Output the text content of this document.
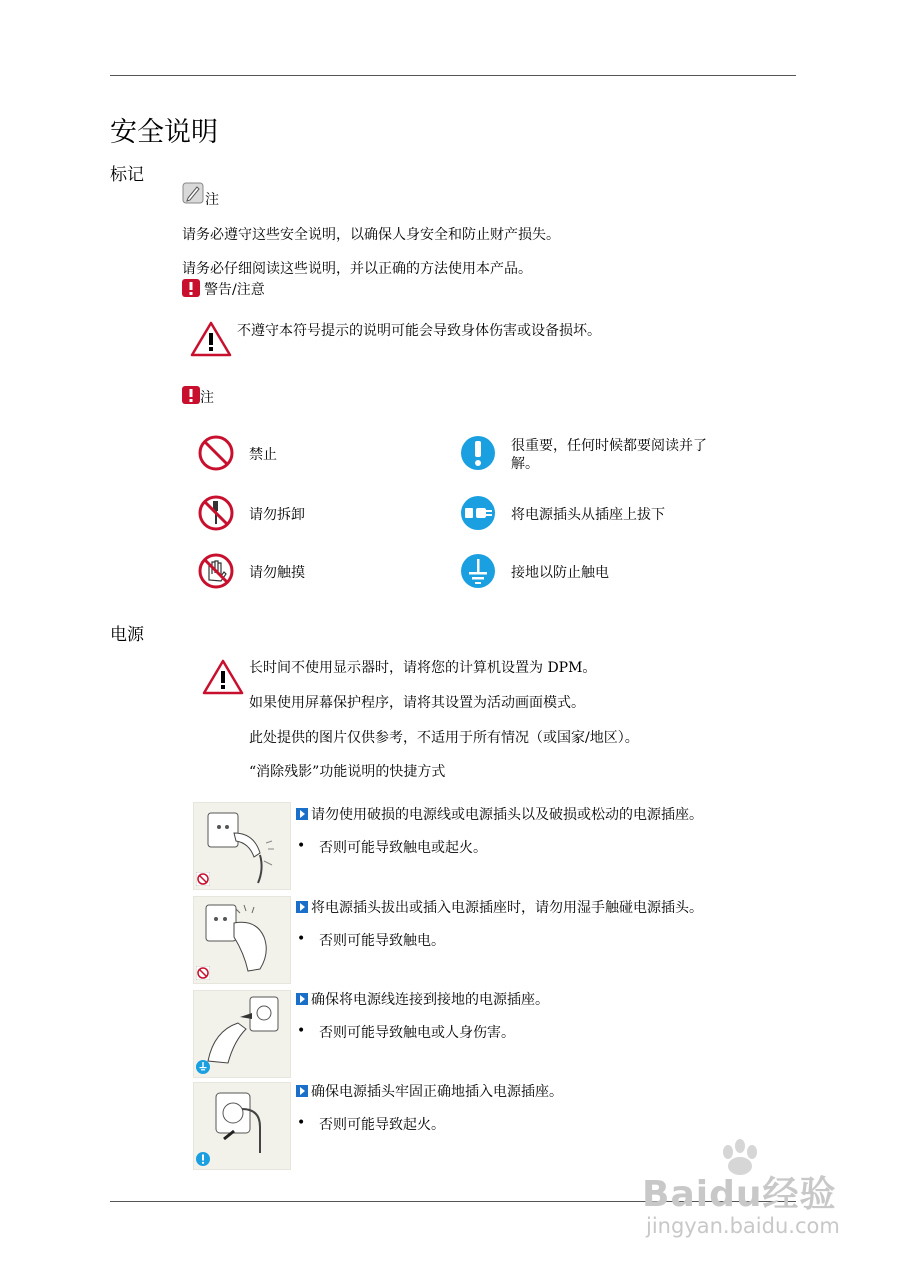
安全说明
标记
注
请务必遵守这些安全说明，以确保人身安全和防止财产损失。
请务必仔细阅读这些说明，并以正确的方法使用本产品。
警告/注意
不遵守本符号提示的说明可能会导致身体伤害或设备损坏。
注
禁止
很重要，任何时候都要阅读并了解。
请勿拆卸	将电源插头从插座上拔下
请勿触摸	接地以防止触电
电源
长时间不使用显示器时，请将您的计算机设置为 DPM。
如果使用屏幕保护程序，请将其设置为活动画面模式。
此处提供的图片仅供参考，不适用于所有情况（或国家/地区）。
“消除残影”功能说明的快捷方式
请勿使用破损的电源线或电源插头以及破损或松动的电源插座。
• 否则可能导致触电或起火。
将电源插头拔出或插入电源插座时，请勿用湿手触碰电源插头。
• 否则可能导致触电。
确保将电源线连接到接地的电源插座。
• 否则可能导致触电或人身伤害。
确保电源插头牢固正确地插入电源插座。
• 否则可能导致起火。
Baidu经验
jingyan.baidu.com
